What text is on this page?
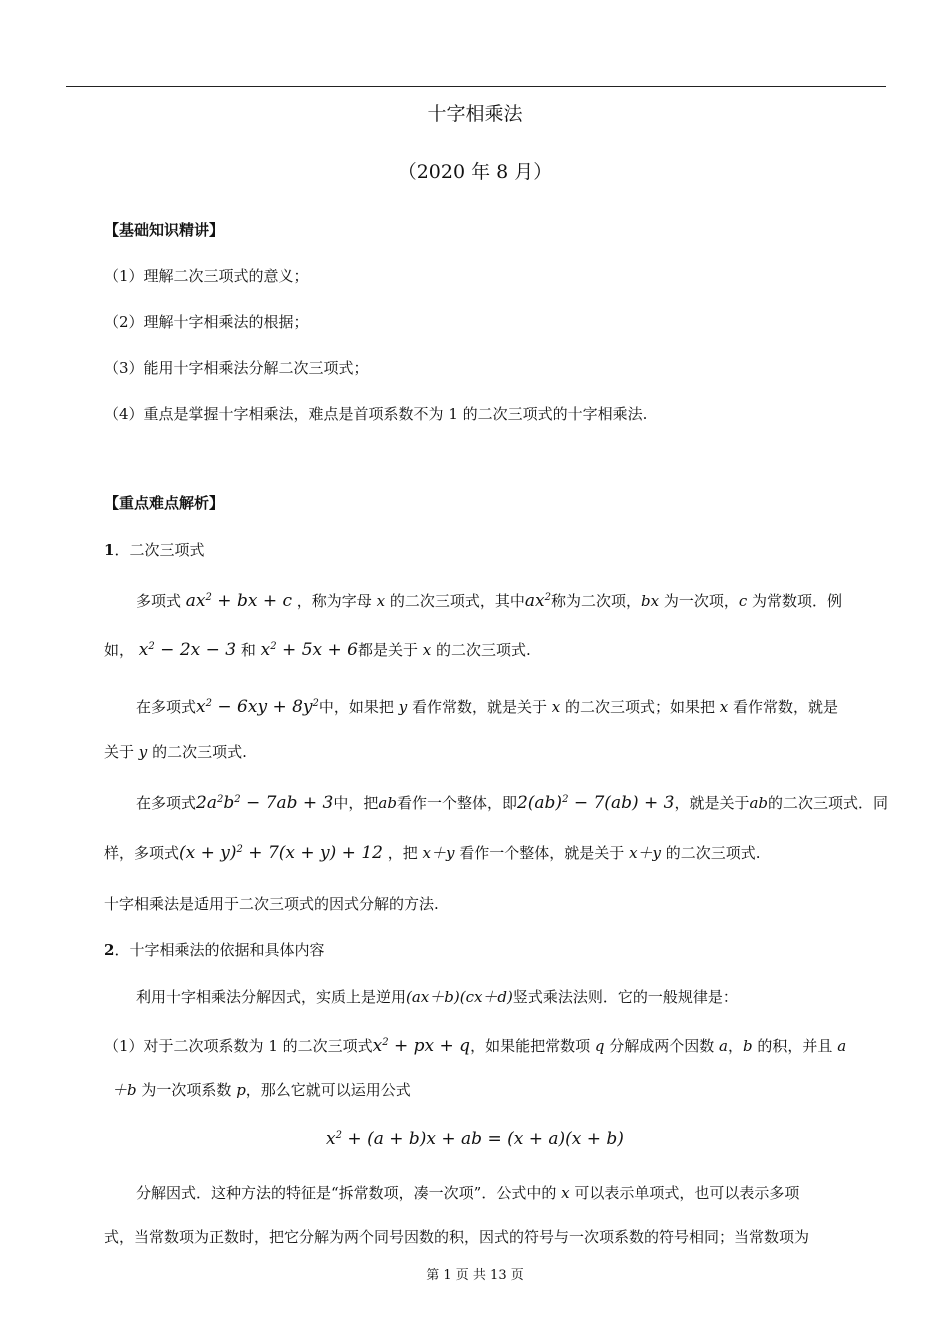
十字相乘法
（2020 年 8 月）
【基础知识精讲】
（1）理解二次三项式的意义；
（2）理解十字相乘法的根据；
（3）能用十字相乘法分解二次三项式；
（4）重点是掌握十字相乘法，难点是首项系数不为 1 的二次三项式的十字相乘法.
【重点难点解析】
1．二次三项式
多项式 $ax^2$ + bx + c ，称为字母 x 的二次三项式，其中$ax^2$称为二次项，bx 为一次项，c 为常数项．例
如， $x^2 - 2x - 3$ 和 $x^2 + 5x + 6$都是关于 x 的二次三项式.
在多项式$x^2 - 6xy + 8y^2$中，如果把 y 看作常数，就是关于 x 的二次三项式；如果把 x 看作常数，就是
关于 y 的二次三项式.
在多项式$2a^2b^2 - 7ab + 3$中，把ab看作一个整体，即2(ab)$^2$ − 7(ab) + 3，就是关于ab的二次三项式．同
样，多项式$(x + y)^2 + 7(x + y) + 12$ ，把 x＋y 看作一个整体，就是关于 x＋y 的二次三项式.
十字相乘法是适用于二次三项式的因式分解的方法.
2．十字相乘法的依据和具体内容
利用十字相乘法分解因式，实质上是逆用(ax＋b)(cx＋d)竖式乘法法则．它的一般规律是：
（1）对于二次项系数为 1 的二次三项式$x^2$ + px + q，如果能把常数项 q 分解成两个因数 a，b 的积，并且 a
＋b 为一次项系数 p，那么它就可以运用公式
$x^2 + (a + b)x$ + ab = (x + a)(x + b)
分解因式．这种方法的特征是“拆常数项，凑一次项”．公式中的 x 可以表示单项式，也可以表示多项
式，当常数项为正数时，把它分解为两个同号因数的积，因式的符号与一次项系数的符号相同；当常数项为
第 1 页 共 13 页
